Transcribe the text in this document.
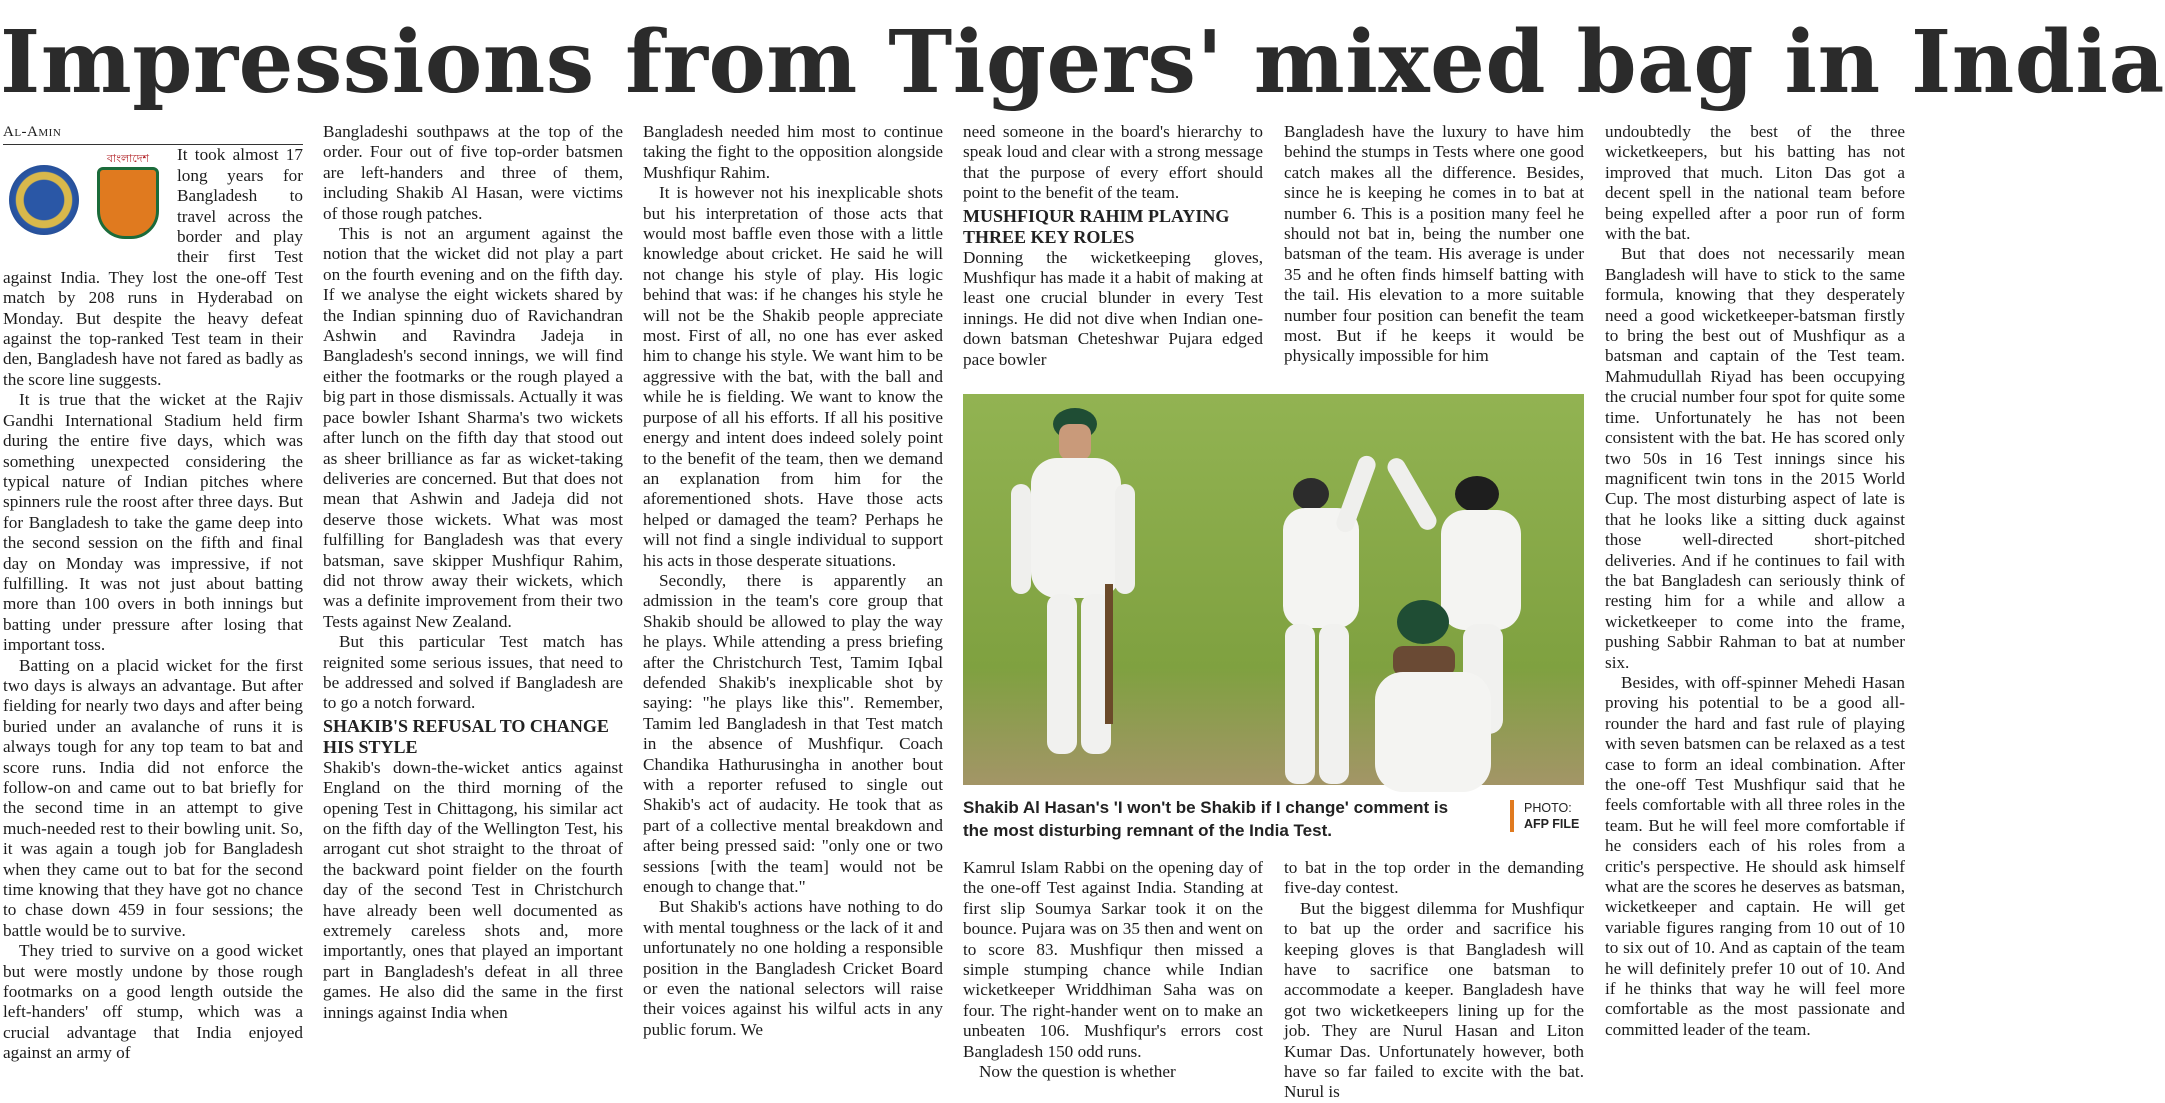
Impressions from Tigers' mixed bag in India

Al-Amin

বাংলাদেশ	It took almost 17 long years for Bangladesh to travel across the border and play their first Test against India. They lost the one-off Test match by 208 runs in Hyderabad on Monday. But despite the heavy defeat against the top-ranked Test team in their den, Bangladesh have not fared as badly as the score line suggests.

It is true that the wicket at the Rajiv Gandhi International Stadium held firm during the entire five days, which was something unexpected considering the typical nature of Indian pitches where spinners rule the roost after three days. But for Bangladesh to take the game deep into the second session on the fifth and final day on Monday was impressive, if not fulfilling. It was not just about batting more than 100 overs in both innings but batting under pressure after losing that important toss.

Batting on a placid wicket for the first two days is always an advantage. But after fielding for nearly two days and after being buried under an avalanche of runs it is always tough for any top team to bat and score runs. India did not enforce the follow-on and came out to bat briefly for the second time in an attempt to give much-needed rest to their bowling unit. So, it was again a tough job for Bangladesh when they came out to bat for the second time knowing that they have got no chance to chase down 459 in four sessions; the battle would be to survive.

They tried to survive on a good wicket but were mostly undone by those rough footmarks on a good length outside the left-handers' off stump, which was a crucial advantage that India enjoyed against an army of

Bangladeshi southpaws at the top of the order. Four out of five top-order batsmen are left-handers and three of them, including Shakib Al Hasan, were victims of those rough patches.

This is not an argument against the notion that the wicket did not play a part on the fourth evening and on the fifth day. If we analyse the eight wickets shared by the Indian spinning duo of Ravichandran Ashwin and Ravindra Jadeja in Bangladesh's second innings, we will find either the footmarks or the rough played a big part in those dismissals. Actually it was pace bowler Ishant Sharma's two wickets after lunch on the fifth day that stood out as sheer brilliance as far as wicket-taking deliveries are concerned. But that does not mean that Ashwin and Jadeja did not deserve those wickets. What was most fulfilling for Bangladesh was that every batsman, save skipper Mushfiqur Rahim, did not throw away their wickets, which was a definite improvement from their two Tests against New Zealand.

But this particular Test match has reignited some serious issues, that need to be addressed and solved if Bangladesh are to go a notch forward.

SHAKIB'S REFUSAL TO CHANGE HIS STYLE

Shakib's down-the-wicket antics against England on the third morning of the opening Test in Chittagong, his similar act on the fifth day of the Wellington Test, his arrogant cut shot straight to the throat of the backward point fielder on the fourth day of the second Test in Christchurch have already been well documented as extremely careless shots and, more importantly, ones that played an important part in Bangladesh's defeat in all three games. He also did the same in the first innings against India when

Bangladesh needed him most to continue taking the fight to the opposition alongside Mushfiqur Rahim.

It is however not his inexplicable shots but his interpretation of those acts that would most baffle even those with a little knowledge about cricket. He said he will not change his style of play. His logic behind that was: if he changes his style he will not be the Shakib people appreciate most. First of all, no one has ever asked him to change his style. We want him to be aggressive with the bat, with the ball and while he is fielding. We want to know the purpose of all his efforts. If all his positive energy and intent does indeed solely point to the benefit of the team, then we demand an explanation from him for the aforementioned shots. Have those acts helped or damaged the team? Perhaps he will not find a single individual to support his acts in those desperate situations.

Secondly, there is apparently an admission in the team's core group that Shakib should be allowed to play the way he plays. While attending a press briefing after the Christchurch Test, Tamim Iqbal defended Shakib's inexplicable shot by saying: "he plays like this". Remember, Tamim led Bangladesh in that Test match in the absence of Mushfiqur. Coach Chandika Hathurusingha in another bout with a reporter refused to single out Shakib's act of audacity. He took that as part of a collective mental breakdown and after being pressed said: "only one or two sessions [with the team] would not be enough to change that."

But Shakib's actions have nothing to do with mental toughness or the lack of it and unfortunately no one holding a responsible position in the Bangladesh Cricket Board or even the national selectors will raise their voices against his wilful acts in any public forum. We

need someone in the board's hierarchy to speak loud and clear with a strong message that the purpose of every effort should point to the benefit of the team.

MUSHFIQUR RAHIM PLAYING THREE KEY ROLES

Donning the wicketkeeping gloves, Mushfiqur has made it a habit of making at least one crucial blunder in every Test innings. He did not dive when Indian one-down batsman Cheteshwar Pujara edged pace bowler

Bangladesh have the luxury to have him behind the stumps in Tests where one good catch makes all the difference. Besides, since he is keeping he comes in to bat at number 6. This is a position many feel he should not bat in, being the number one batsman of the team. His average is under 35 and he often finds himself batting with the tail. His elevation to a more suitable number four position can benefit the team most. But if he keeps it would be physically impossible for him

undoubtedly the best of the three wicketkeepers, but his batting has not improved that much. Liton Das got a decent spell in the national team before being expelled after a poor run of form with the bat.

But that does not necessarily mean Bangladesh will have to stick to the same formula, knowing that they desperately need a good wicketkeeper-batsman firstly to bring the best out of Mushfiqur as a batsman and captain of the Test team. Mahmudullah Riyad has been occupying the crucial number four spot for quite some time. Unfortunately he has not been consistent with the bat. He has scored only two 50s in 16 Test innings since his magnificent twin tons in the 2015 World Cup. The most disturbing aspect of late is that he looks like a sitting duck against those well-directed short-pitched deliveries. And if he continues to fail with the bat Bangladesh can seriously think of resting him for a while and allow a wicketkeeper to come into the frame, pushing Sabbir Rahman to bat at number six.

Besides, with off-spinner Mehedi Hasan proving his potential to be a good all-rounder the hard and fast rule of playing with seven batsmen can be relaxed as a test case to form an ideal combination. After the one-off Test Mushfiqur said that he feels comfortable with all three roles in the team. But he will feel more comfortable if he considers each of his roles from a critic's perspective. He should ask himself what are the scores he deserves as batsman, wicketkeeper and captain. He will get variable figures ranging from 10 out of 10 to six out of 10. And as captain of the team he will definitely prefer 10 out of 10. And if he thinks that way he will feel more comfortable as the most passionate and committed leader of the team.

Shakib Al Hasan's 'I won't be Shakib if I change' comment is the most disturbing remnant of the India Test.
PHOTO:
AFP FILE

Kamrul Islam Rabbi on the opening day of the one-off Test against India. Standing at first slip Soumya Sarkar took it on the bounce. Pujara was on 35 then and went on to score 83. Mushfiqur then missed a simple stumping chance while Indian wicketkeeper Wriddhiman Saha was on four. The right-hander went on to make an unbeaten 106. Mushfiqur's errors cost Bangladesh 150 odd runs.

Now the question is whether

to bat in the top order in the demanding five-day contest.

But the biggest dilemma for Mushfiqur to bat up the order and sacrifice his keeping gloves is that Bangladesh will have to sacrifice one batsman to accommodate a keeper. Bangladesh have got two wicketkeepers lining up for the job. They are Nurul Hasan and Liton Kumar Das. Unfortunately however, both have so far failed to excite with the bat. Nurul is
